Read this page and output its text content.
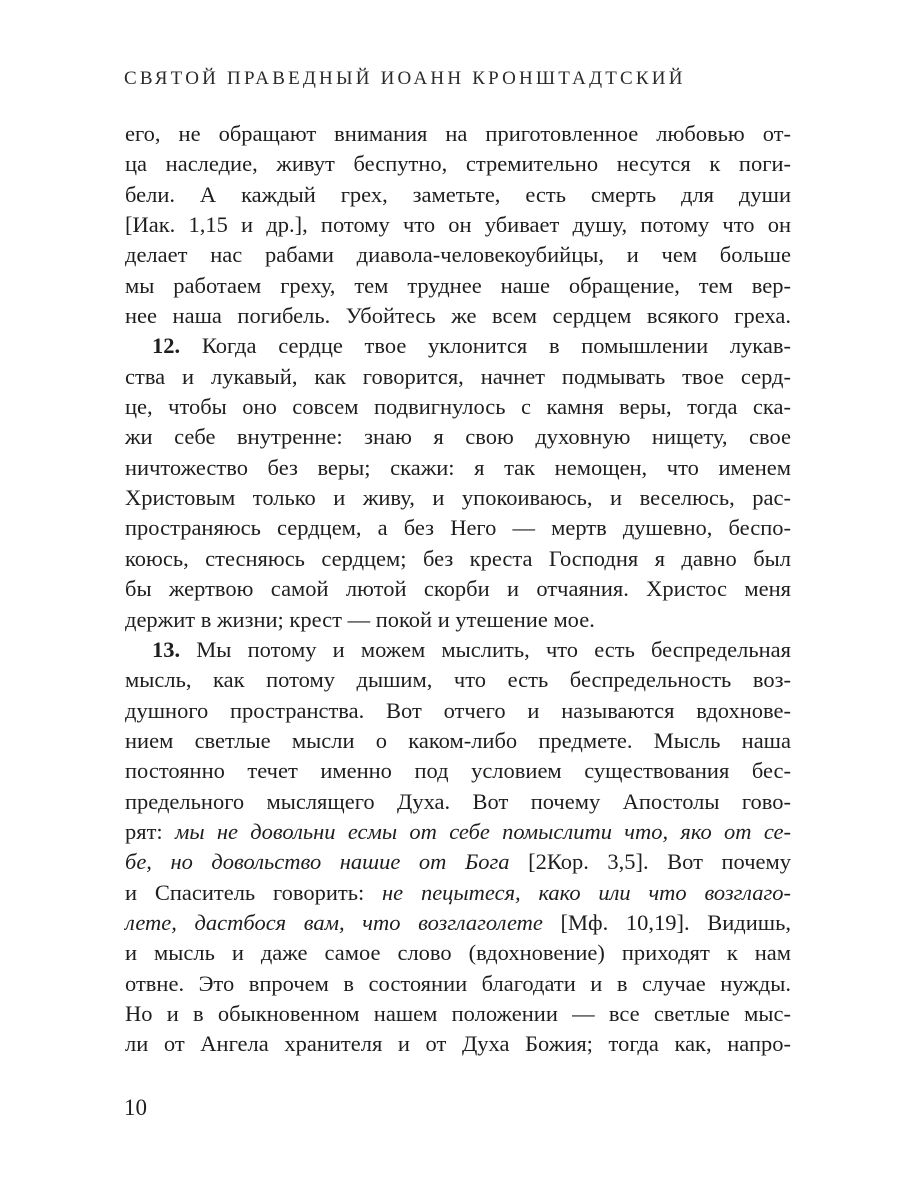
СВЯТОЙ ПРАВЕДНЫЙ ИОАНН КРОНШТАДТСКИЙ
его, не обращают внимания на приготовленное любовью от-
ца наследие, живут беспутно, стремительно несутся к поги-
бели. А каждый грех, заметьте, есть смерть для души
[Иак. 1,15 и др.], потому что он убивает душу, потому что он
делает нас рабами диавола-человекоубийцы, и чем больше
мы работаем греху, тем труднее наше обращение, тем вер-
нее наша погибель. Убойтесь же всем сердцем всякого греха.
12. Когда сердце твое уклонится в помышлении лукав-
ства и лукавый, как говорится, начнет подмывать твое серд-
це, чтобы оно совсем подвигнулось с камня веры, тогда ска-
жи себе внутренне: знаю я свою духовную нищету, свое
ничтожество без веры; скажи: я так немощен, что именем
Христовым только и живу, и упокоиваюсь, и веселюсь, рас-
пространяюсь сердцем, а без Него — мертв душевно, беспо-
коюсь, стесняюсь сердцем; без креста Господня я давно был
бы жертвою самой лютой скорби и отчаяния. Христос меня
держит в жизни; крест — покой и утешение мое.
13. Мы потому и можем мыслить, что есть беспредельная
мысль, как потому дышим, что есть беспредельность воз-
душного пространства. Вот отчего и называются вдохнове-
нием светлые мысли о каком-либо предмете. Мысль наша
постоянно течет именно под условием существования бес-
предельного мыслящего Духа. Вот почему Апостолы гово-
рят: мы не довольни есмы от себе помыслити что, яко от се-
бе, но довольство нашие от Бога [2Кор. 3,5]. Вот почему
и Спаситель говорить: не пецытеся, како или что возглаго-
лете, дастбося вам, что возглаголете [Мф. 10,19]. Видишь,
и мысль и даже самое слово (вдохновение) приходят к нам
отвне. Это впрочем в состоянии благодати и в случае нужды.
Но и в обыкновенном нашем положении — все светлые мыс-
ли от Ангела хранителя и от Духа Божия; тогда как, напро-
10
